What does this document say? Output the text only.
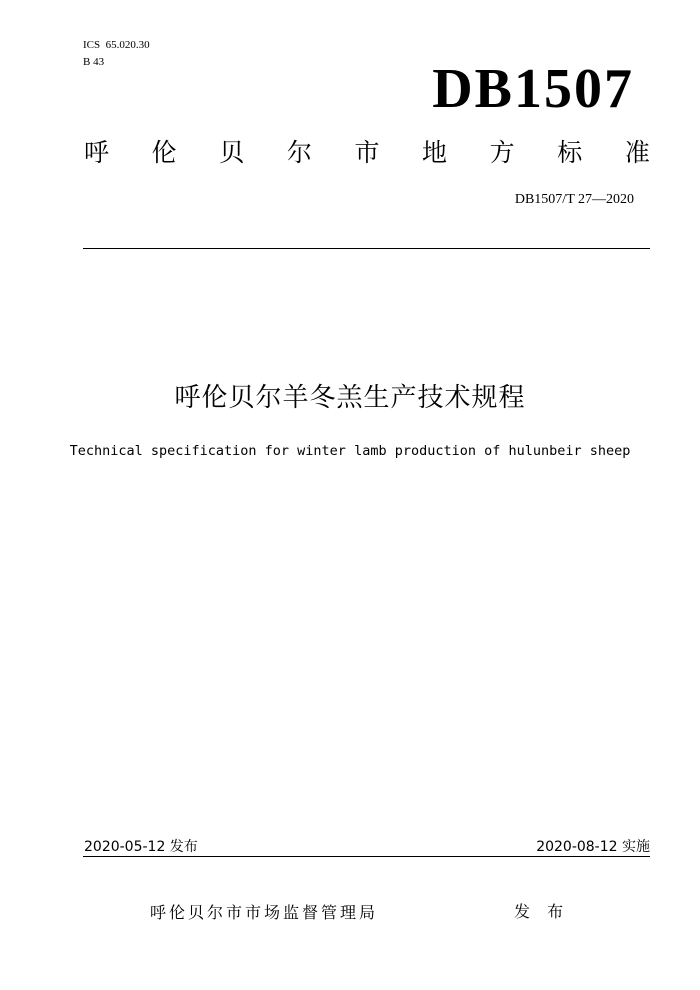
ICS  65.020.30
B 43	DB1507
呼 伦 贝 尔 市 地 方 标 准
DB1507/T 27—2020
呼伦贝尔羊冬羔生产技术规程
Technical specification for winter lamb production of hulunbeir sheep
2020-05-12 发布	2020-08-12 实施
呼伦贝尔市市场监督管理局	发 布
